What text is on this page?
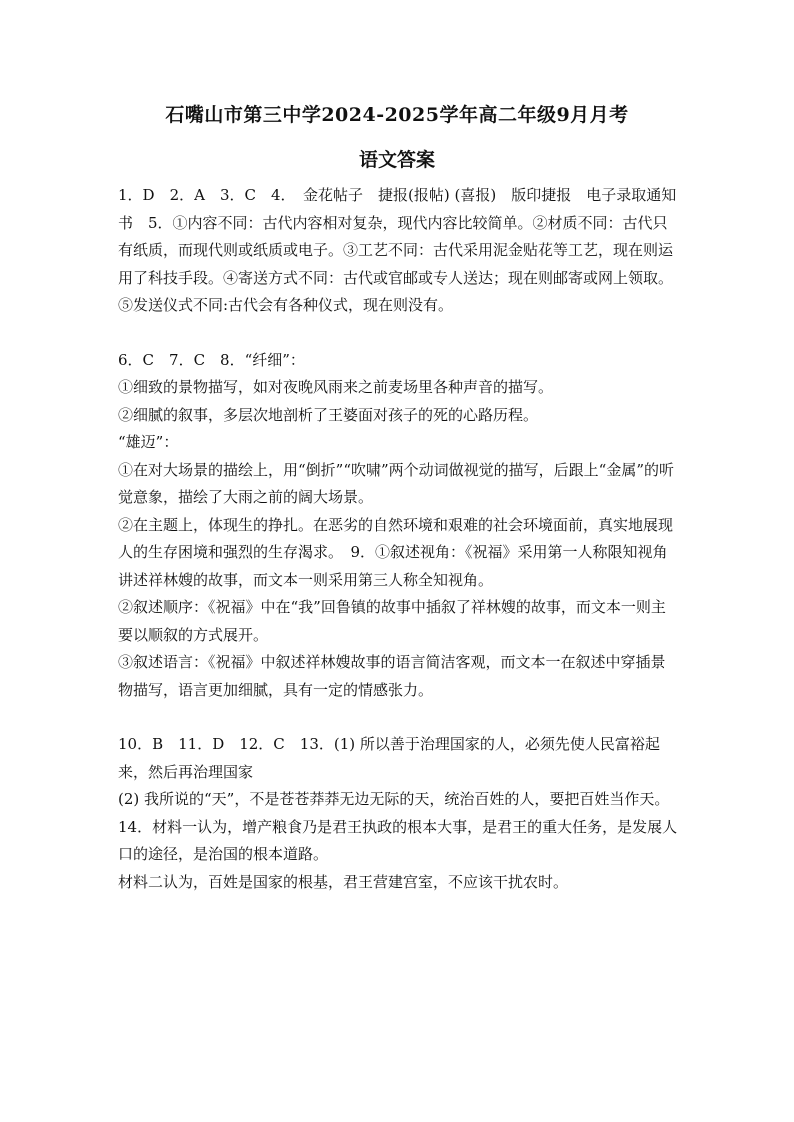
石嘴山市第三中学2024-2025学年高二年级9月月考
语文答案

1．D　2．A　3．C　4．　金花帖子　捷报(报帖) (喜报)　版印捷报　电子录取通知书　5．①内容不同：古代内容相对复杂，现代内容比较简单。②材质不同：古代只有纸质，而现代则或纸质或电子。③工艺不同：古代采用泥金贴花等工艺，现在则运用了科技手段。④寄送方式不同：古代或官邮或专人送达；现在则邮寄或网上领取。⑤发送仪式不同:古代会有各种仪式，现在则没有。

6．C　7．C　8．“纤细”：

①细致的景物描写，如对夜晚风雨来之前麦场里各种声音的描写。

②细腻的叙事，多层次地剖析了王婆面对孩子的死的心路历程。

“雄迈”：

①在对大场景的描绘上，用“倒折”“吹啸”两个动词做视觉的描写，后跟上“金属”的听觉意象，描绘了大雨之前的阔大场景。

②在主题上，体现生的挣扎。在恶劣的自然环境和艰难的社会环境面前，真实地展现人的生存困境和强烈的生存渴求。　9．①叙述视角：《祝福》采用第一人称限知视角讲述祥林嫂的故事，而文本一则采用第三人称全知视角。

②叙述顺序：《祝福》中在“我”回鲁镇的故事中插叙了祥林嫂的故事，而文本一则主要以顺叙的方式展开。

③叙述语言：《祝福》中叙述祥林嫂故事的语言简洁客观，而文本一在叙述中穿插景物描写，语言更加细腻，具有一定的情感张力。

10．B　11．D　12．C　13．(1) 所以善于治理国家的人，必须先使人民富裕起来，然后再治理国家

(2) 我所说的“天”，不是苍苍莽莽无边无际的天，统治百姓的人，要把百姓当作天。　14．材料一认为，增产粮食乃是君王执政的根本大事，是君王的重大任务，是发展人口的途径，是治国的根本道路。

材料二认为，百姓是国家的根基，君王营建宫室，不应该干扰农时。
